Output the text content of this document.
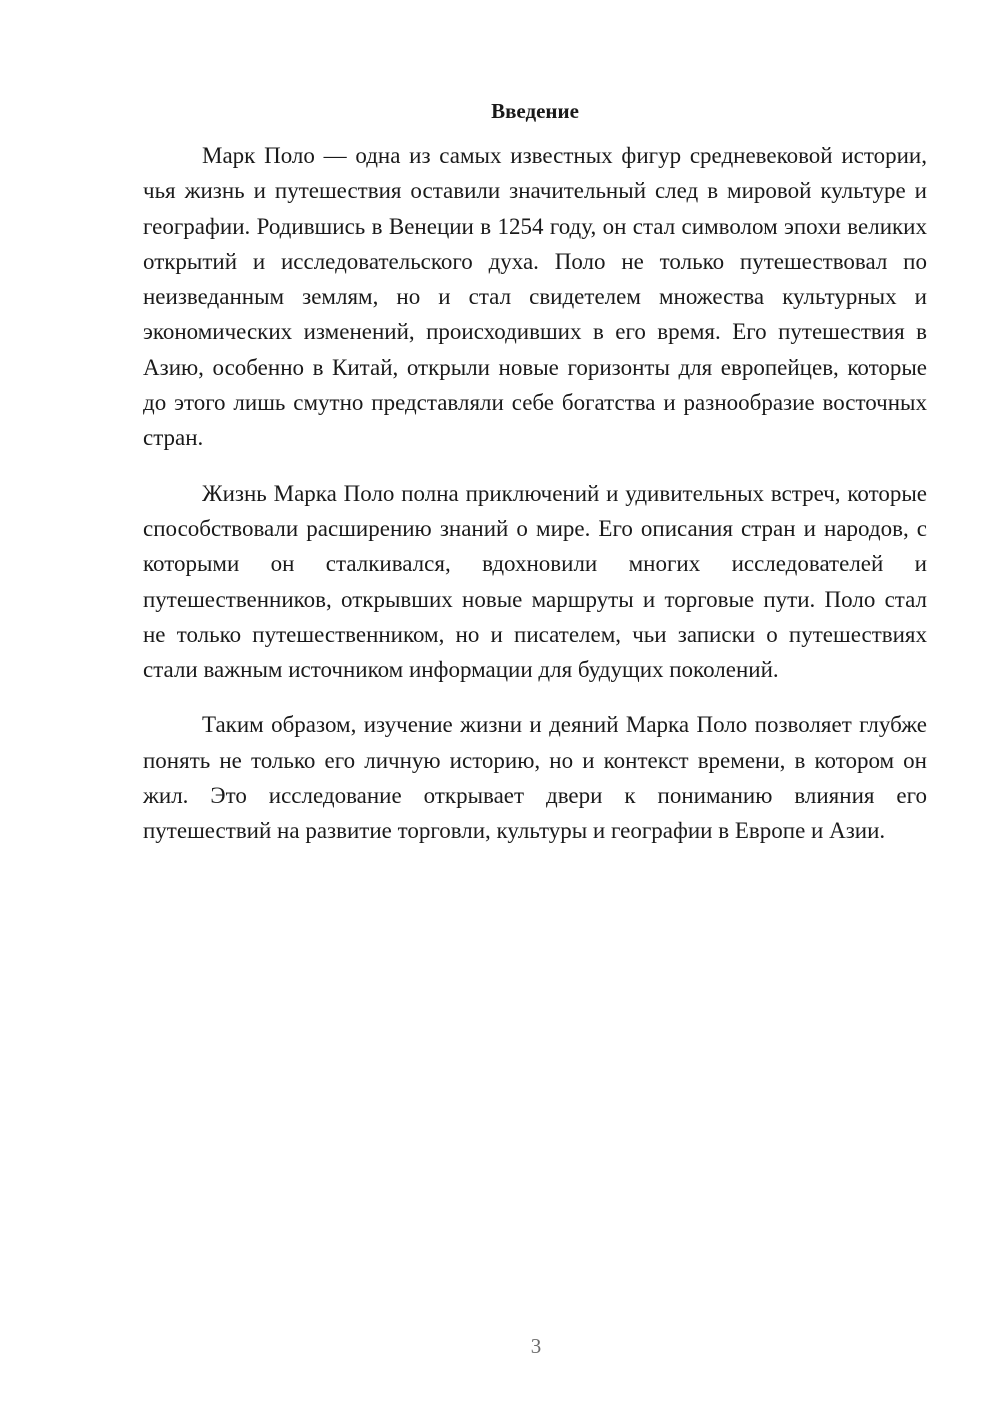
Введение

Марк Поло — одна из самых известных фигур средневековой истории, чья жизнь и путешествия оставили значительный след в мировой культуре и географии. Родившись в Венеции в 1254 году, он стал символом эпохи великих открытий и исследовательского духа. Поло не только путешествовал по неизведанным землям, но и стал свидетелем множества культурных и экономических изменений, происходивших в его время. Его путешествия в Азию, особенно в Китай, открыли новые горизонты для европейцев, которые до этого лишь смутно представляли себе богатства и разнообразие восточных стран.

Жизнь Марка Поло полна приключений и удивительных встреч, которые способствовали расширению знаний о мире. Его описания стран и народов, с которыми он сталкивался, вдохновили многих исследователей и путешественников, открывших новые маршруты и торговые пути. Поло стал не только путешественником, но и писателем, чьи записки о путешествиях стали важным источником информации для будущих поколений.

Таким образом, изучение жизни и деяний Марка Поло позволяет глубже понять не только его личную историю, но и контекст времени, в котором он жил. Это исследование открывает двери к пониманию влияния его путешествий на развитие торговли, культуры и географии в Европе и Азии.

3
